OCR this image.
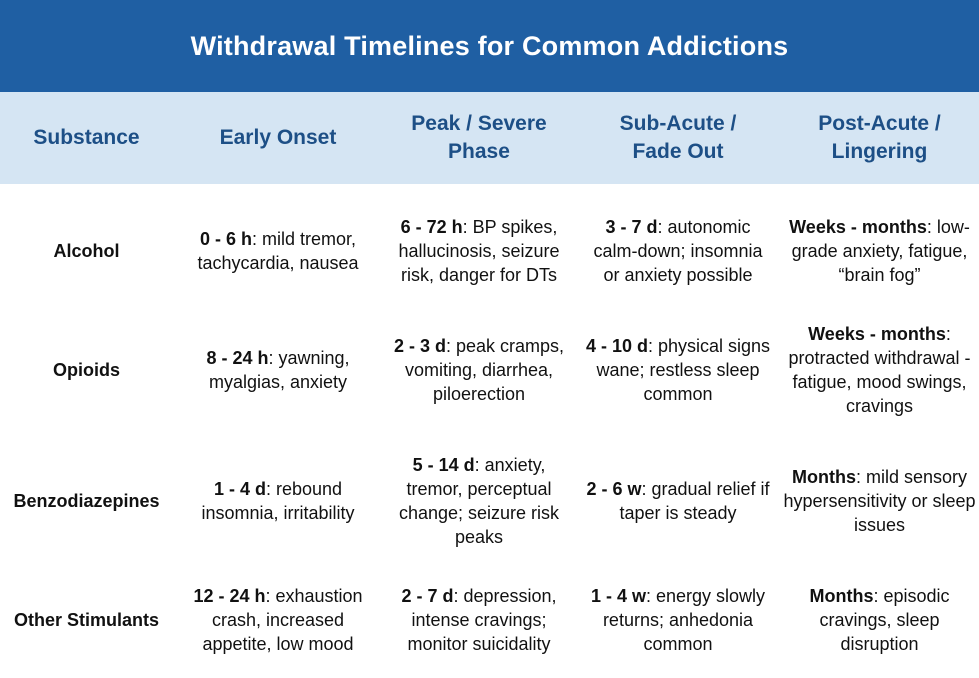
Withdrawal Timelines for Common Addictions
Substance	Early Onset
Peak / Severe
Phase
Sub-Acute /
Fade Out
Post-Acute /
Lingering
Alcohol
0 - 6 h: mild tremor, tachycardia, nausea
6 - 72 h: BP spikes, hallucinosis, seizure risk, danger for DTs
3 - 7 d: autonomic calm-down; insomnia or anxiety possible
Weeks - months: low-grade anxiety, fatigue, “brain fog”
Opioids
8 - 24 h: yawning, myalgias, anxiety
2 - 3 d: peak cramps, vomiting, diarrhea, piloerection
4 - 10 d: physical signs wane; restless sleep common
Weeks - months: protracted withdrawal - fatigue, mood swings, cravings
Benzodiazepines
1 - 4 d: rebound insomnia, irritability
5 - 14 d: anxiety, tremor, perceptual change; seizure risk peaks
2 - 6 w: gradual relief if taper is steady
Months: mild sensory hypersensitivity or sleep issues
Other Stimulants
12 - 24 h: exhaustion crash, increased appetite, low mood
2 - 7 d: depression, intense cravings; monitor suicidality
1 - 4 w: energy slowly returns; anhedonia common
Months: episodic cravings, sleep disruption
